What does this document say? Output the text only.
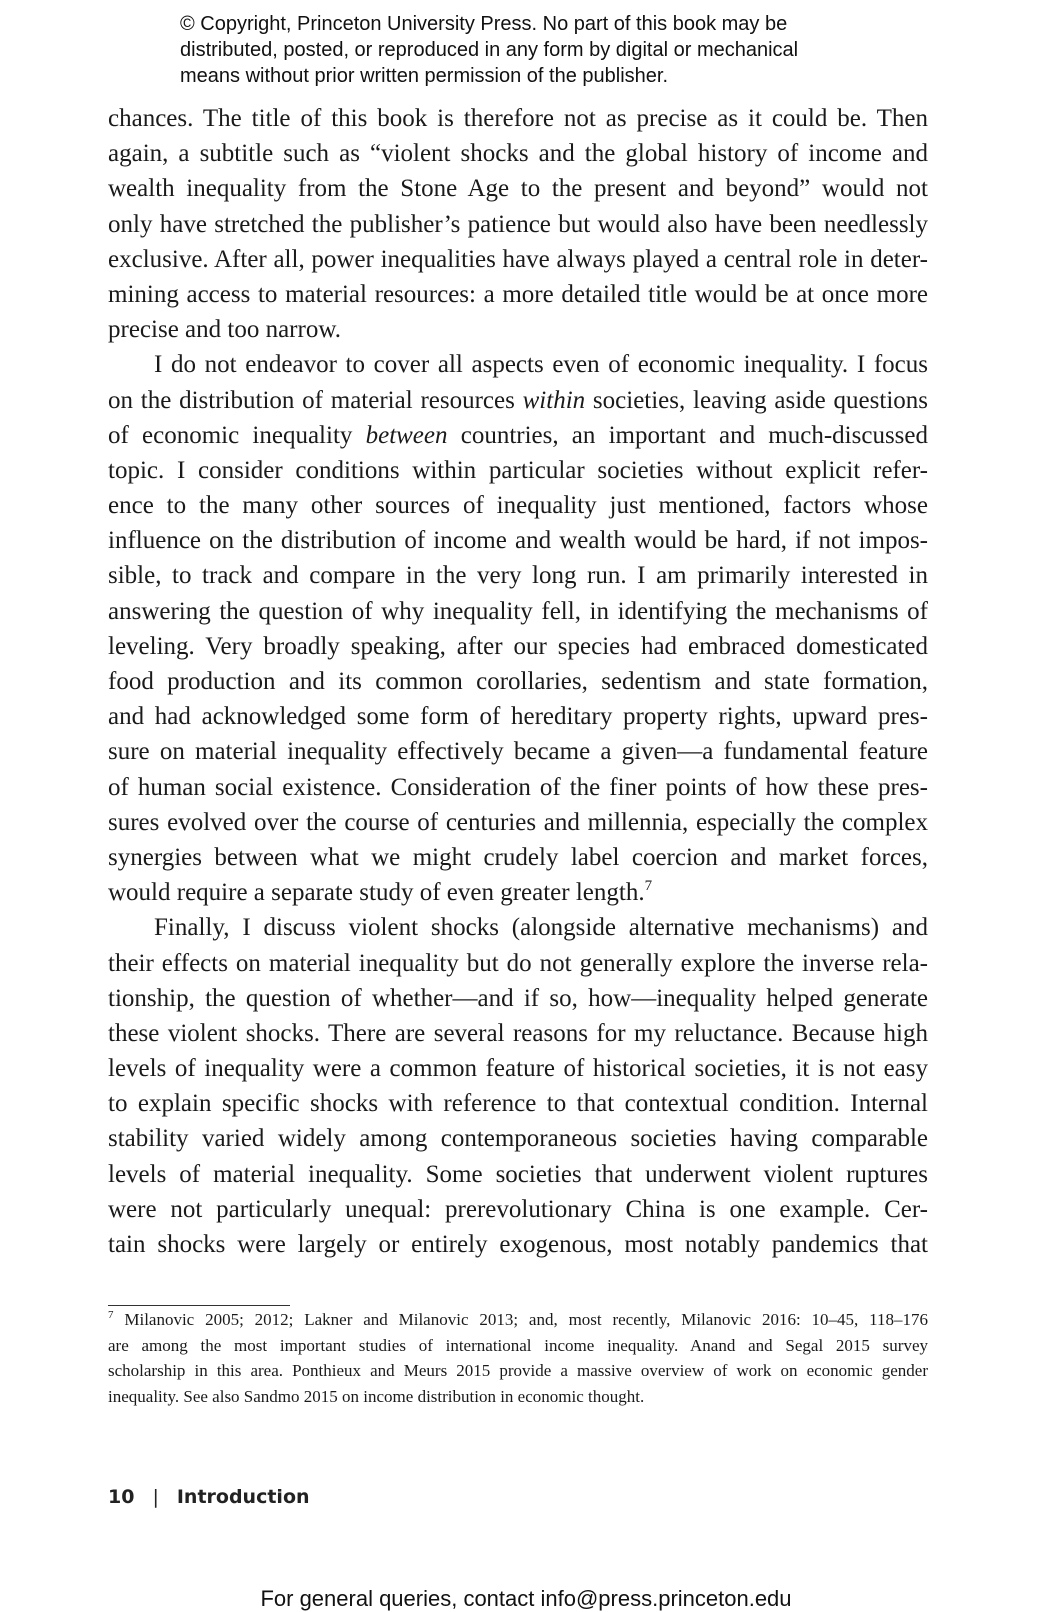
© Copyright, Princeton University Press. No part of this book may be
distributed, posted, or reproduced in any form by digital or mechanical
means without prior written permission of the publisher.
chances. The title of this book is therefore not as precise as it could be. Then
again, a subtitle such as “violent shocks and the global history of income and
wealth inequality from the Stone Age to the present and beyond” would not
only have stretched the publisher’s patience but would also have been needlessly
exclusive. After all, power inequalities have always played a central role in deter-
mining access to material resources: a more detailed title would be at once more
precise and too narrow.
I do not endeavor to cover all aspects even of economic inequality. I focus
on the distribution of material resources within societies, leaving aside questions
of economic inequality between countries, an important and much-discussed
topic. I consider conditions within particular societies without explicit refer-
ence to the many other sources of inequality just mentioned, factors whose
influence on the distribution of income and wealth would be hard, if not impos-
sible, to track and compare in the very long run. I am primarily interested in
answering the question of why inequality fell, in identifying the mechanisms of
leveling. Very broadly speaking, after our species had embraced domesticated
food production and its common corollaries, sedentism and state formation,
and had acknowledged some form of hereditary property rights, upward pres-
sure on material inequality effectively became a given—a fundamental feature
of human social existence. Consideration of the finer points of how these pres-
sures evolved over the course of centuries and millennia, especially the complex
synergies between what we might crudely label coercion and market forces,
would require a separate study of even greater length.$^7$
Finally, I discuss violent shocks (alongside alternative mechanisms) and
their effects on material inequality but do not generally explore the inverse rela-
tionship, the question of whether—and if so, how—inequality helped generate
these violent shocks. There are several reasons for my reluctance. Because high
levels of inequality were a common feature of historical societies, it is not easy
to explain specific shocks with reference to that contextual condition. Internal
stability varied widely among contemporaneous societies having comparable
levels of material inequality. Some societies that underwent violent ruptures
were not particularly unequal: prerevolutionary China is one example. Cer-
tain shocks were largely or entirely exogenous, most notably pandemics that
$^7$ Milanovic 2005; 2012; Lakner and Milanovic 2013; and, most recently, Milanovic 2016: 10–45, 118–176
are among the most important studies of international income inequality. Anand and Segal 2015 survey
scholarship in this area. Ponthieux and Meurs 2015 provide a massive overview of work on economic gender
inequality. See also Sandmo 2015 on income distribution in economic thought.
10 | Introduction
For general queries, contact info@press.princeton.edu
